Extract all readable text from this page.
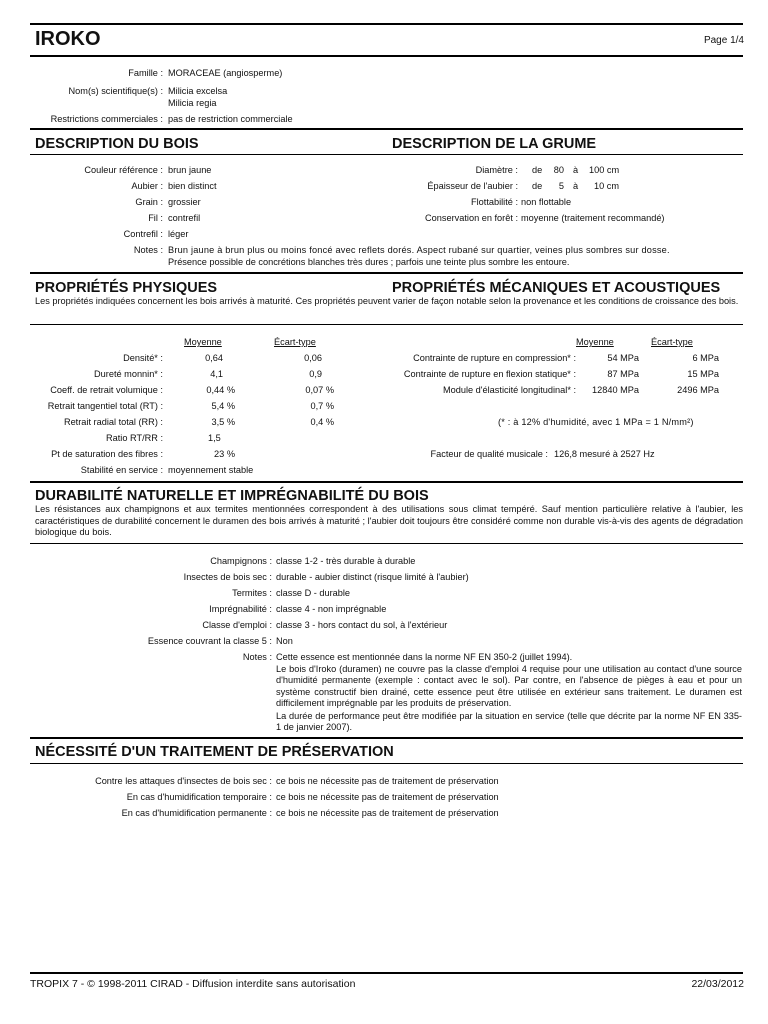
IROKO	Page 1/4
Famille : MORACEAE (angiosperme)
Nom(s) scientifique(s) : Milicia excelsa
Milicia regia
Restrictions commerciales : pas de restriction commerciale
DESCRIPTION DU BOIS	DESCRIPTION DE LA GRUME
Couleur référence : brun jaune
Aubier : bien distinct
Grain : grossier
Fil : contrefil
Contrefil : léger
Notes : Brun jaune à brun plus ou moins foncé avec reflets dorés. Aspect rubané sur quartier, veines plus sombres sur dosse.
Présence possible de concrétions blanches très dures ; parfois une teinte plus sombre les entoure.
Diamètre : de 80 à 100 cm
Épaisseur de l'aubier : de 5 à 10 cm
Flottabilité : non flottable
Conservation en forêt : moyenne (traitement recommandé)
PROPRIÉTÉS PHYSIQUES	PROPRIÉTÉS MÉCANIQUES ET ACOUSTIQUES
Les propriétés indiquées concernent les bois arrivés à maturité. Ces propriétés peuvent varier de façon notable selon la provenance et les conditions de croissance des bois.
Moyenne	Écart-type	Moyenne	Écart-type
Densité* :	0,64	0,06
Dureté monnin* :	4,1	0,9
Coeff. de retrait volumique :	0,44 %	0,07 %
Retrait tangentiel total (RT) :	5,4 %	0,7 %
Retrait radial total (RR) :	3,5 %	0,4 %
Ratio RT/RR :	1,5
Pt de saturation des fibres :	23 %
Stabilité en service : moyennement stable
Contrainte de rupture en compression* :	54 MPa	6 MPa
Contrainte de rupture en flexion statique* :	87 MPa	15 MPa
Module d'élasticité longitudinal* : 12840 MPa	2496 MPa
(* : à 12% d'humidité, avec 1 MPa = 1 N/mm²)
Facteur de qualité musicale : 126,8 mesuré à 2527 Hz
DURABILITÉ NATURELLE ET IMPRÉGNABILITÉ DU BOIS
Les résistances aux champignons et aux termites mentionnées correspondent à des utilisations sous climat tempéré. Sauf mention particulière relative à l'aubier, les caractéristiques de durabilité concernent le duramen des bois arrivés à maturité ; l'aubier doit toujours être considéré comme non durable vis-à-vis des agents de dégradation biologique du bois.
Champignons : classe 1-2 - très durable à durable
Insectes de bois sec : durable - aubier distinct (risque limité à l'aubier)
Termites : classe D - durable
Imprégnabilité : classe 4 - non imprégnable
Classe d'emploi : classe 3 - hors contact du sol, à l'extérieur
Essence couvrant la classe 5 : Non
Notes : Cette essence est mentionnée dans la norme NF EN 350-2 (juillet 1994).
Le bois d'Iroko (duramen) ne couvre pas la classe d'emploi 4 requise pour une utilisation au contact d'une source d'humidité permanente (exemple : contact avec le sol). Par contre, en l'absence de pièges à eau et pour un système constructif bien drainé, cette essence peut être utilisée en extérieur sans traitement. Le duramen est difficilement imprégnable par les produits de préservation.
La durée de performance peut être modifiée par la situation en service (telle que décrite par la norme NF EN 335-1 de janvier 2007).
NÉCESSITÉ D'UN TRAITEMENT DE PRÉSERVATION
Contre les attaques d'insectes de bois sec : ce bois ne nécessite pas de traitement de préservation
En cas d'humidification temporaire : ce bois ne nécessite pas de traitement de préservation
En cas d'humidification permanente : ce bois ne nécessite pas de traitement de préservation
TROPIX 7 - © 1998-2011 CIRAD - Diffusion interdite sans autorisation	22/03/2012
